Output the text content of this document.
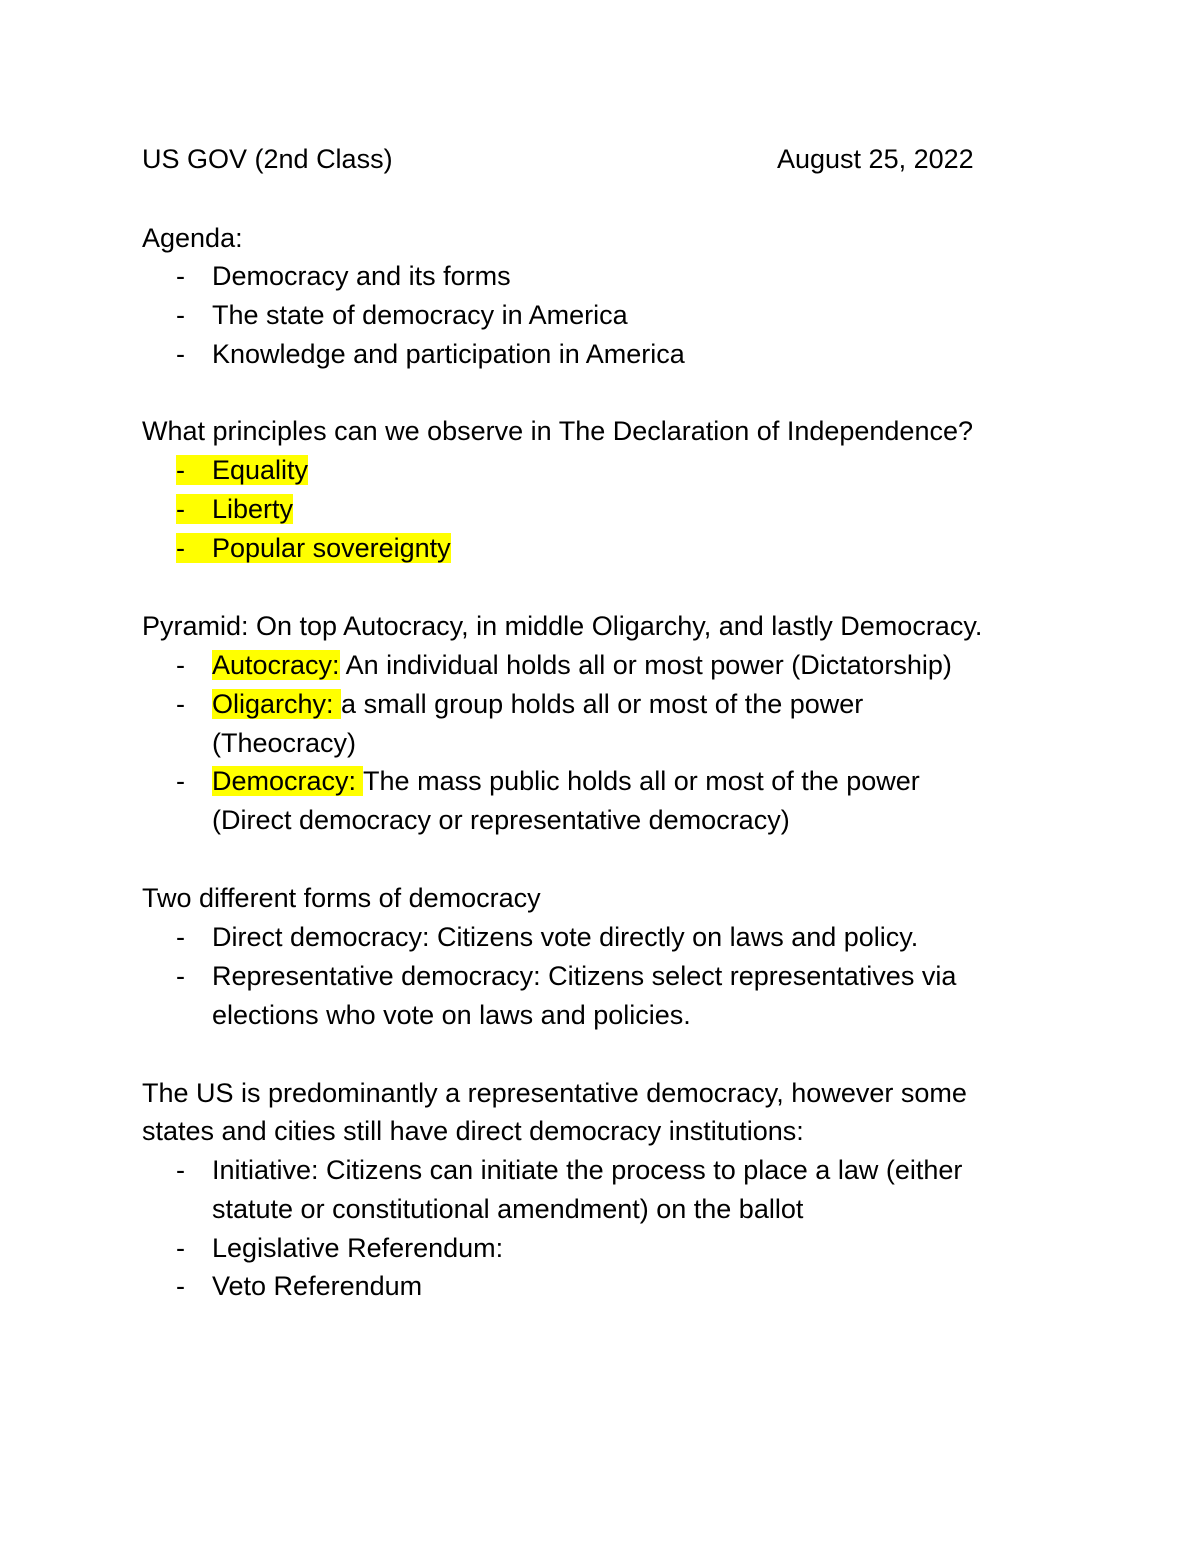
US GOV (2nd Class)	August 25, 2022
Agenda:
- Democracy and its forms
- The state of democracy in America
- Knowledge and participation in America
What principles can we observe in The Declaration of Independence?
- Equality
- Liberty
- Popular sovereignty
Pyramid: On top Autocracy, in middle Oligarchy, and lastly Democracy.
- Autocracy: An individual holds all or most power (Dictatorship)
- Oligarchy: a small group holds all or most of the power
(Theocracy)
- Democracy: The mass public holds all or most of the power
(Direct democracy or representative democracy)
Two different forms of democracy
- Direct democracy: Citizens vote directly on laws and policy.
- Representative democracy: Citizens select representatives via
elections who vote on laws and policies.
The US is predominantly a representative democracy, however some
states and cities still have direct democracy institutions:
- Initiative: Citizens can initiate the process to place a law (either
statute or constitutional amendment) on the ballot
- Legislative Referendum:
- Veto Referendum
